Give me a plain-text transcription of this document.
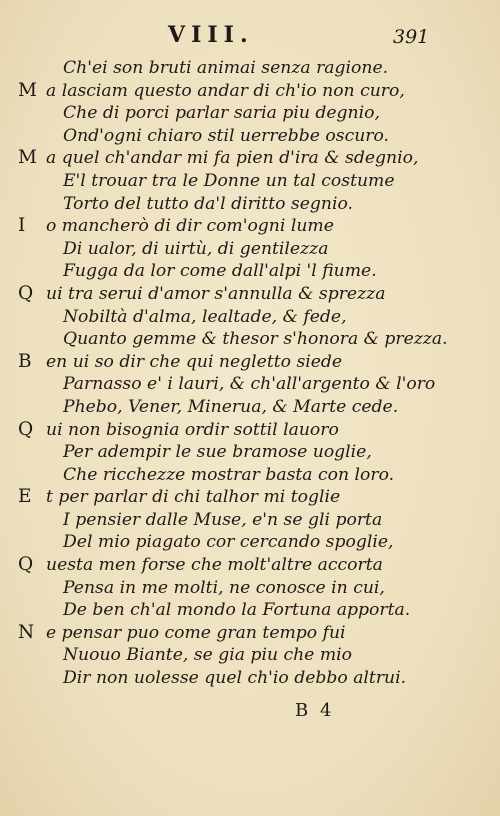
VIII.	391
Ch'ei son bruti animai senza ragione.
M a lasciam questo andar di ch'io non curo,
Che di porci parlar saria piu degnio,
Ond'ogni chiaro stil uerrebbe oscuro.
M a quel ch'andar mi fa pien d'ira & sdegnio,
E'l trouar tra le Donne un tal costume
Torto del tutto da'l diritto segnio.
I o mancherò di dir com'ogni lume
Di ualor, di uirtù, di gentilezza
Fugga da lor come dall'alpi 'l fiume.
Q ui tra serui d'amor s'annulla & sprezza
Nobiltà d'alma, lealtade, & fede,
Quanto gemme & thesor s'honora & prezza.
B en ui so dir che qui negletto siede
Parnasso e' i lauri, & ch'all'argento & l'oro
Phebo, Vener, Minerua, & Marte cede.
Q ui non bisognia ordir sottil lauoro
Per adempir le sue bramose uoglie,
Che ricchezze mostrar basta con loro.
E t per parlar di chi talhor mi toglie
I pensier dalle Muse, e'n se gli porta
Del mio piagato cor cercando spoglie,
Q uesta men forse che molt'altre accorta
Pensa in me molti, ne conosce in cui,
De ben ch'al mondo la Fortuna apporta.
N e pensar puo come gran tempo fui
Nuouo Biante, se gia piu che mio
Dir non uolesse quel ch'io debbo altrui.
B 4
